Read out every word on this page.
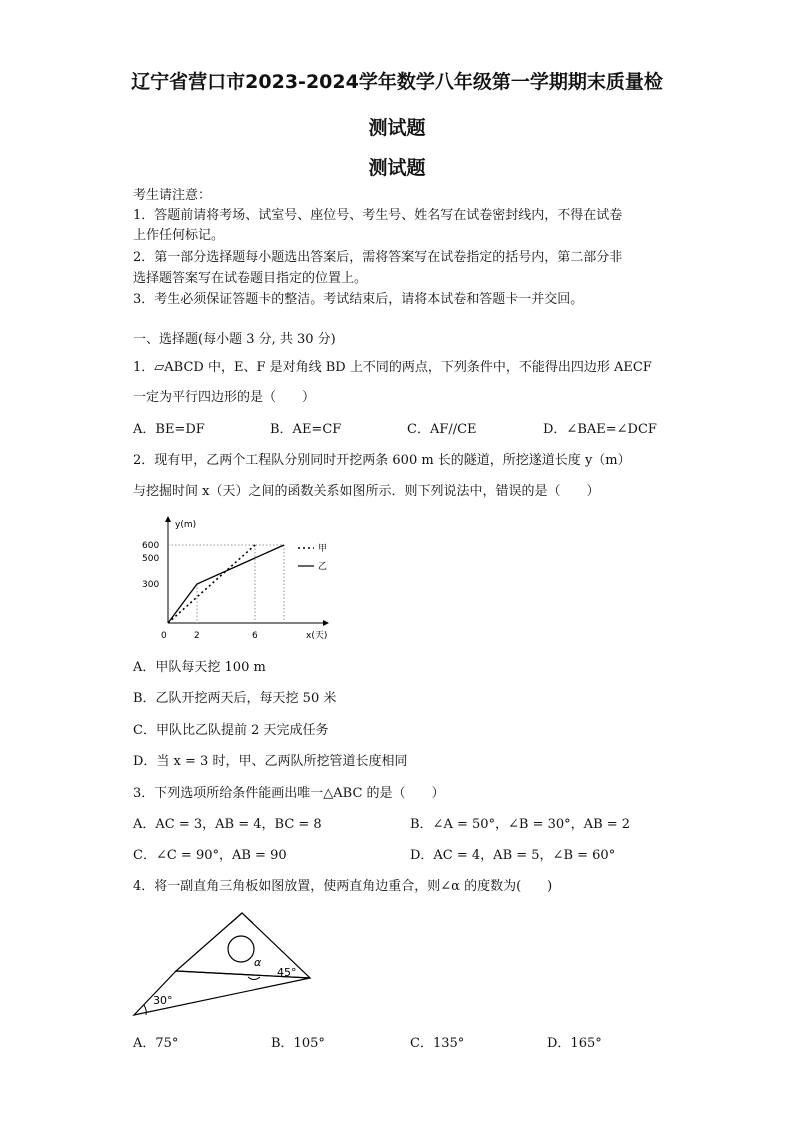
辽宁省营口市2023-2024学年数学八年级第一学期期末质量检
测试题
测试题
考生请注意：
1．答题前请将考场、试室号、座位号、考生号、姓名写在试卷密封线内，不得在试卷
上作任何标记。
2．第一部分选择题每小题选出答案后，需将答案写在试卷指定的括号内，第二部分非
选择题答案写在试卷题目指定的位置上。
3．考生必须保证答题卡的整洁。考试结束后，请将本试卷和答题卡一并交回。
一、选择题(每小题 3 分, 共 30 分)
1．▱ABCD 中，E、F 是对角线 BD 上不同的两点，下列条件中，不能得出四边形 AECF
一定为平行四边形的是（　　）
A．BE=DF	B．AE=CF	C．AF//CE	D．∠BAE=∠DCF
2．现有甲，乙两个工程队分别同时开挖两条 600 m 长的隧道，所挖遂道长度 y（m）
与挖掘时间 x（天）之间的函数关系如图所示．则下列说法中，错误的是（　　）
2	6
300
500
600
y(m)
x(天)
0
甲
乙
A．甲队每天挖 100 m
B．乙队开挖两天后，每天挖 50 米
C．甲队比乙队提前 2 天完成任务
D．当 x = 3 时，甲、乙两队所挖管道长度相同
3．下列选项所给条件能画出唯一△ABC 的是（　　）
A．AC = 3，AB = 4，BC = 8	B．∠A = 50°，∠B = 30°，AB = 2
C．∠C = 90°，AB = 90	D．AC = 4，AB = 5，∠B = 60°
4．将一副直角三角板如图放置，使两直角边重合，则∠α 的度数为(　　)
α
45°
30°
A．75°	B．105°	C．135°	D．165°
